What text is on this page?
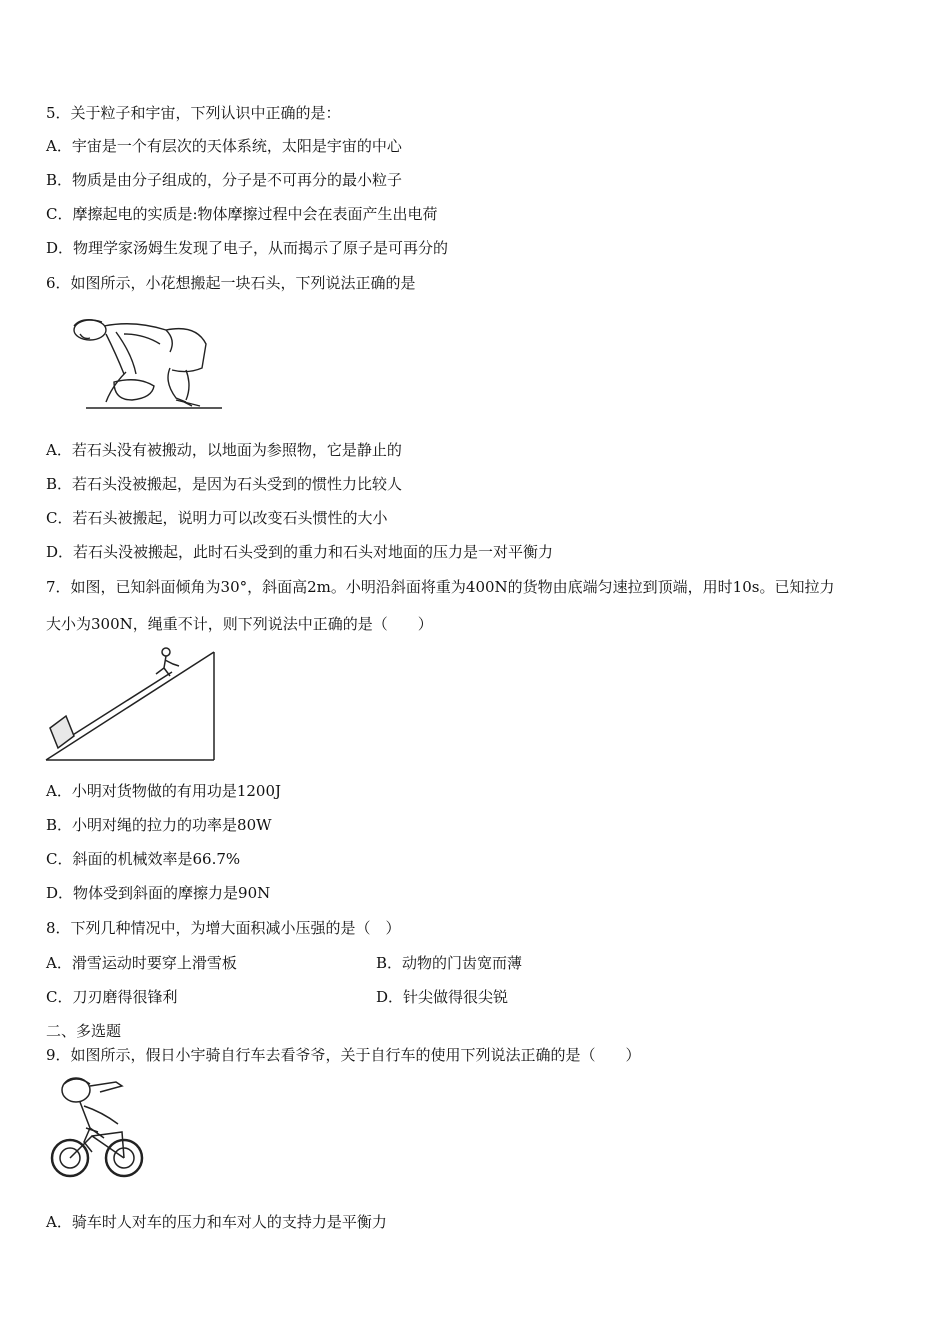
5．关于粒子和宇宙，下列认识中正确的是：
A．宇宙是一个有层次的天体系统，太阳是宇宙的中心
B．物质是由分子组成的，分子是不可再分的最小粒子
C．摩擦起电的实质是:物体摩擦过程中会在表面产生出电荷
D．物理学家汤姆生发现了电子，从而揭示了原子是可再分的
6．如图所示，小花想搬起一块石头，下列说法正确的是
A．若石头没有被搬动，以地面为参照物，它是静止的
B．若石头没被搬起，是因为石头受到的惯性力比较人
C．若石头被搬起，说明力可以改变石头惯性的大小
D．若石头没被搬起，此时石头受到的重力和石头对地面的压力是一对平衡力
7．如图，已知斜面倾角为30°，斜面高2m。小明沿斜面将重为400N的货物由底端匀速拉到顶端，用时10s。已知拉力
大小为300N，绳重不计，则下列说法中正确的是（　　）
A．小明对货物做的有用功是1200J
B．小明对绳的拉力的功率是80W
C．斜面的机械效率是66.7%
D．物体受到斜面的摩擦力是90N
8．下列几种情况中，为增大面积减小压强的是（　）
A．滑雪运动时要穿上滑雪板	B．动物的门齿宽而薄
C．刀刃磨得很锋利	D．针尖做得很尖锐
二、多选题
9．如图所示，假日小宇骑自行车去看爷爷，关于自行车的使用下列说法正确的是（　　）
A．骑车时人对车的压力和车对人的支持力是平衡力
